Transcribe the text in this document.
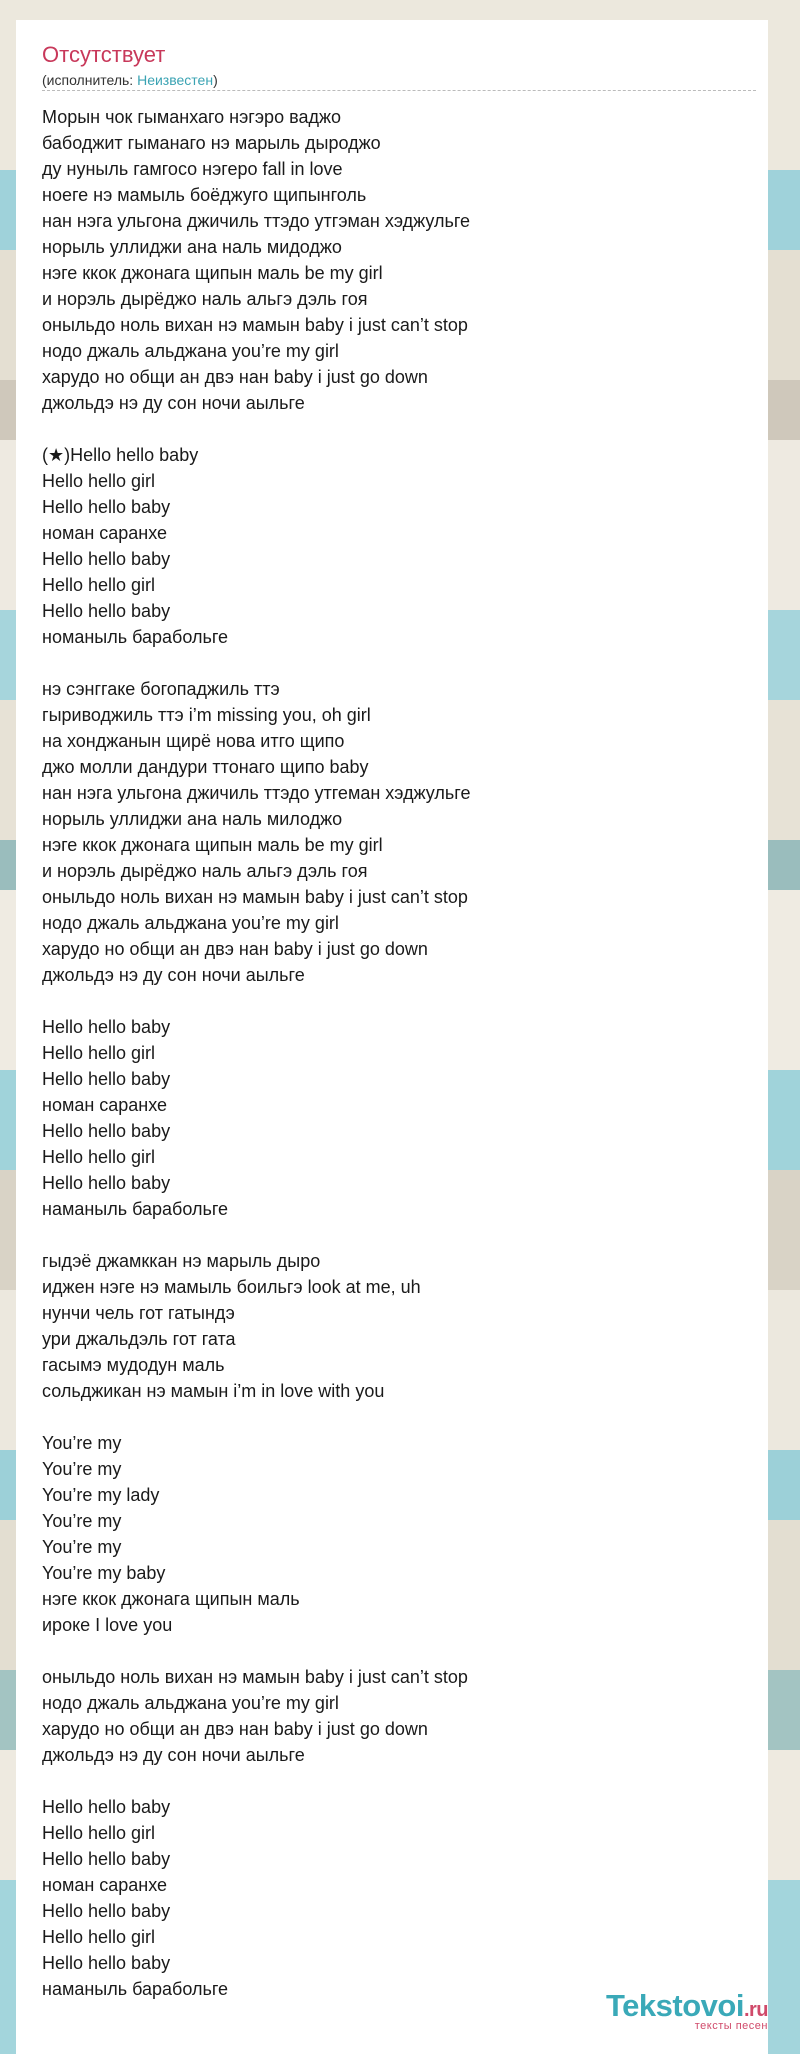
Отсутствует
(исполнитель: Неизвестен)
Морын чок гыманхаго нэгэро ваджо
бабоджит гыманаго нэ марыль дыроджо
ду нуныль гамгосо нэгеро fall in love
ноеге нэ мамыль боёджуго щипынголь
нан нэга ульгона джичиль ттэдо утгэман хэджульге
норыль уллиджи ана наль мидоджо
нэге ккок джонага щипын маль be my girl
и норэль дырёджо наль альгэ дэль гоя
оныльдо ноль вихан нэ мамын baby i just can’t stop
нодо джаль альджана you’re my girl
харудо но общи ан двэ нан baby i just go down
джольдэ нэ ду сон ночи аыльге
(★)Hello hello baby
Hello hello girl
Hello hello baby
номан саранхе
Hello hello baby
Hello hello girl
Hello hello baby
номаныль барабольге
нэ сэнггаке богопаджиль ттэ
гыриводжиль ттэ i’m missing you, oh girl
на хонджанын щирё нова итго щипо
джо молли дандури ттонаго щипо baby
нан нэга ульгона джичиль ттэдо утгеман хэджульге
норыль уллиджи ана наль милоджо
нэге ккок джонага щипын маль be my girl
и норэль дырёджо наль альгэ дэль гоя
оныльдо ноль вихан нэ мамын baby i just can’t stop
нодо джаль альджана you’re my girl
харудо но общи ан двэ нан baby i just go down
джольдэ нэ ду сон ночи аыльге
Hello hello baby
Hello hello girl
Hello hello baby
номан саранхе
Hello hello baby
Hello hello girl
Hello hello baby
наманыль барабольге
гыдэё джамккан нэ марыль дыро
иджен нэге нэ мамыль боильгэ look at me, uh
нунчи чель гот гатындэ
ури джальдэль гот гата
гасымэ мудодун маль
сольджикан нэ мамын i’m in love with you
You’re my
You’re my
You’re my lady
You’re my
You’re my
You’re my baby
нэге ккок джонага щипын маль
ироке I love you
оныльдо ноль вихан нэ мамын baby i just can’t stop
нодо джаль альджана you’re my girl
харудо но общи ан двэ нан baby i just go down
джольдэ нэ ду сон ночи аыльге
Hello hello baby
Hello hello girl
Hello hello baby
номан саранхе
Hello hello baby
Hello hello girl
Hello hello baby
наманыль барабольге	Tekstovoi.ru
тексты песен
